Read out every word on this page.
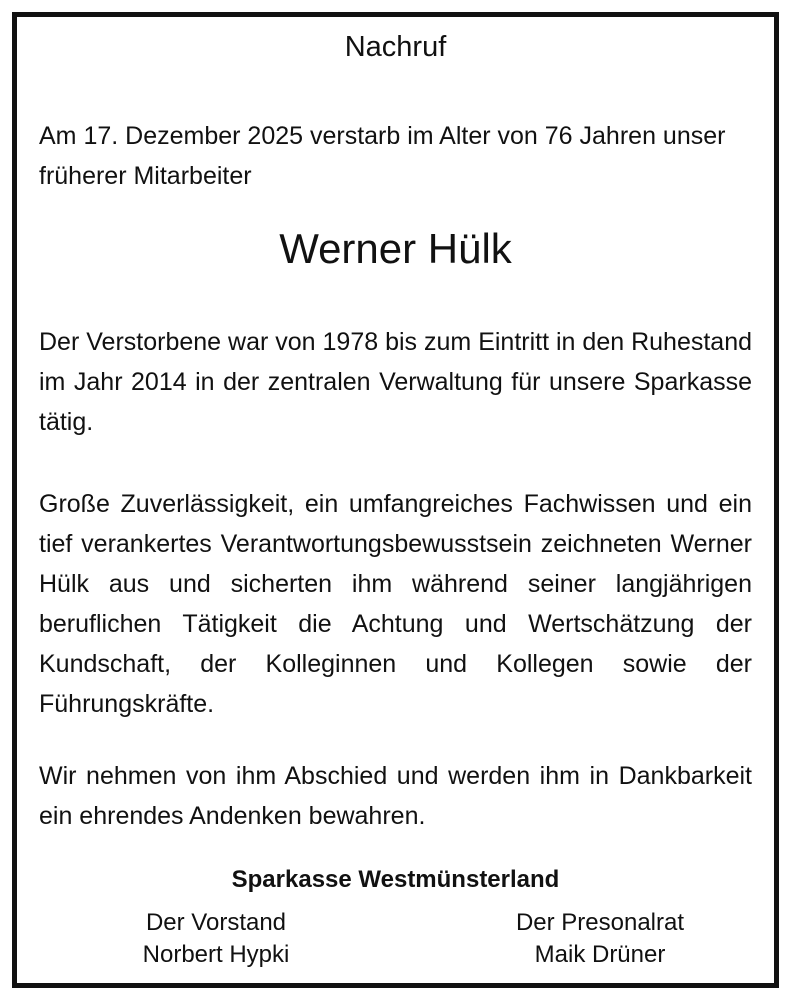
Nachruf

Am 17. Dezember 2025 verstarb im Alter von 76 Jahren unser früherer Mitarbeiter

Werner Hülk

Der Verstorbene war von 1978 bis zum Eintritt in den Ruhestand im Jahr 2014 in der zentralen Verwaltung für unsere Sparkasse tätig.

Große Zuverlässigkeit, ein umfangreiches Fachwissen und ein tief verankertes Verantwortungsbewusstsein zeichneten Werner Hülk aus und sicherten ihm während seiner langjährigen beruflichen Tätigkeit die Achtung und Wertschätzung der Kundschaft, der Kolleginnen und Kollegen sowie der Führungskräfte.

Wir nehmen von ihm Abschied und werden ihm in Dankbarkeit ein ehrendes Andenken bewahren.

Sparkasse Westmünsterland
Der Vorstand
Norbert Hypki
Der Presonalrat
Maik Drüner
